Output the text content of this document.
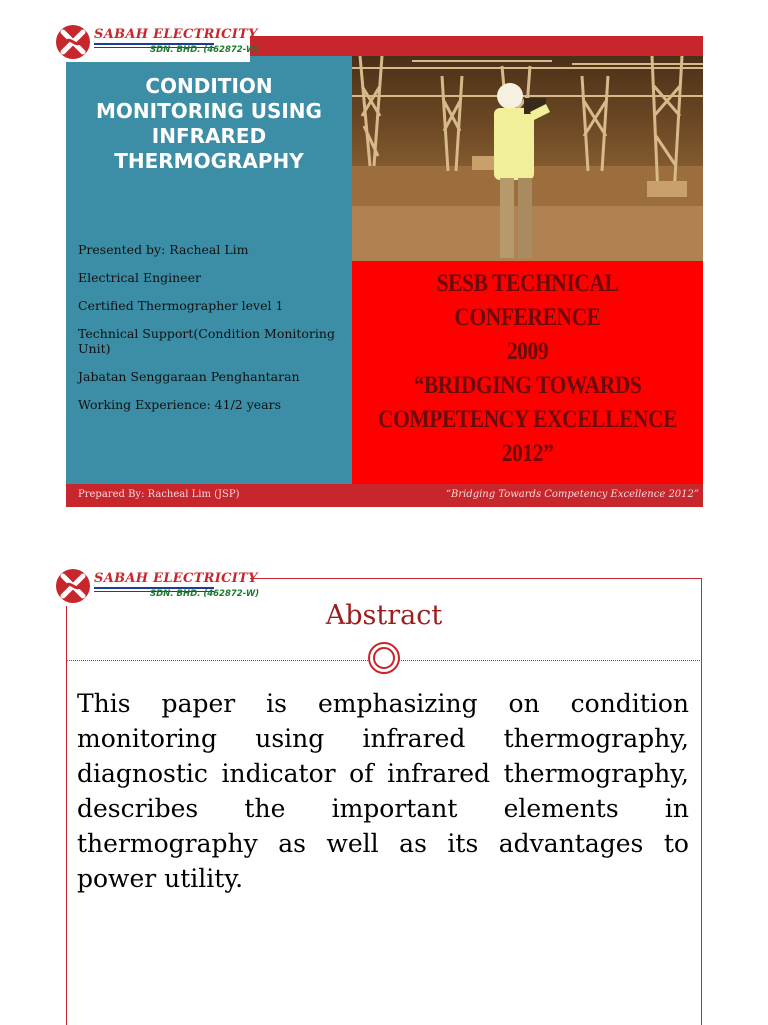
CONDITION MONITORING USING INFRARED THERMOGRAPHY
Presented by: Racheal Lim
Electrical Engineer
Certified Thermographer level 1
Technical Support(Condition Monitoring Unit)
Jabatan Senggaraan Penghantaran
Working Experience: 41/2 years
SESB TECHNICAL CONFERENCE
2009
“BRIDGING TOWARDS
COMPETENCY EXCELLENCE
2012”
Prepared By: Racheal Lim (JSP)	“Bridging Towards Competency Excellence 2012”
SABAH ELECTRICITY
SDN. BHD. (462872-W)
Abstract
This paper is emphasizing on condition monitoring using infrared thermography, diagnostic indicator of infrared thermography, describes the important elements in thermography as well as its advantages to power utility.
SABAH ELECTRICITY
SDN. BHD. (462872-W)
